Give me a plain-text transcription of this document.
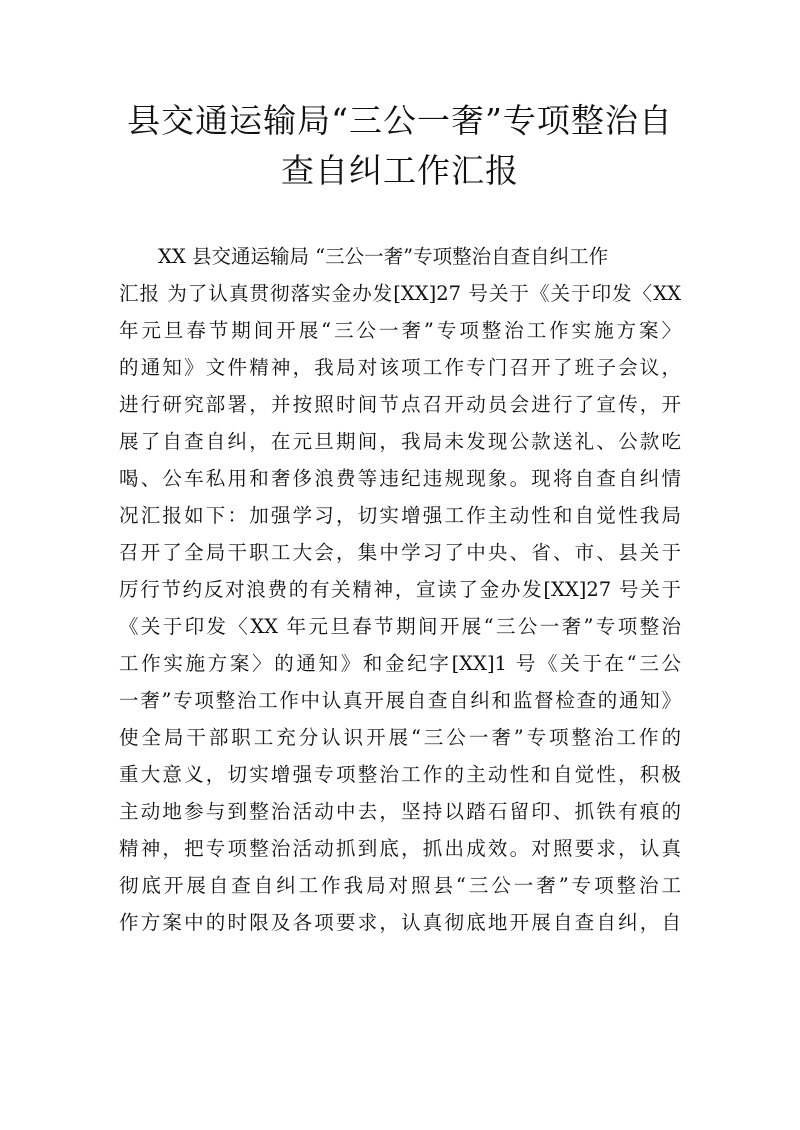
县交通运输局“三公一奢”专项整治自
查自纠工作汇报
　　XX 县交通运输局 “三公一奢”专项整治自查自纠工作
汇报 为了认真贯彻落实金办发[XX]27 号关于《关于印发〈XX
年元旦春节期间开展“三公一奢”专项整治工作实施方案〉
的通知》文件精神，我局对该项工作专门召开了班子会议，
进行研究部署，并按照时间节点召开动员会进行了宣传，开
展了自查自纠，在元旦期间，我局未发现公款送礼、公款吃
喝、公车私用和奢侈浪费等违纪违规现象。现将自查自纠情
况汇报如下：加强学习，切实增强工作主动性和自觉性我局
召开了全局干职工大会，集中学习了中央、省、市、县关于
厉行节约反对浪费的有关精神，宣读了金办发[XX]27 号关于
《关于印发〈XX 年元旦春节期间开展“三公一奢”专项整治
工作实施方案〉的通知》和金纪字[XX]1 号《关于在“三公
一奢”专项整治工作中认真开展自查自纠和监督检查的通知》
使全局干部职工充分认识开展“三公一奢”专项整治工作的
重大意义，切实增强专项整治工作的主动性和自觉性，积极
主动地参与到整治活动中去，坚持以踏石留印、抓铁有痕的
精神，把专项整治活动抓到底，抓出成效。对照要求，认真
彻底开展自查自纠工作我局对照县“三公一奢”专项整治工
作方案中的时限及各项要求，认真彻底地开展自查自纠，自
